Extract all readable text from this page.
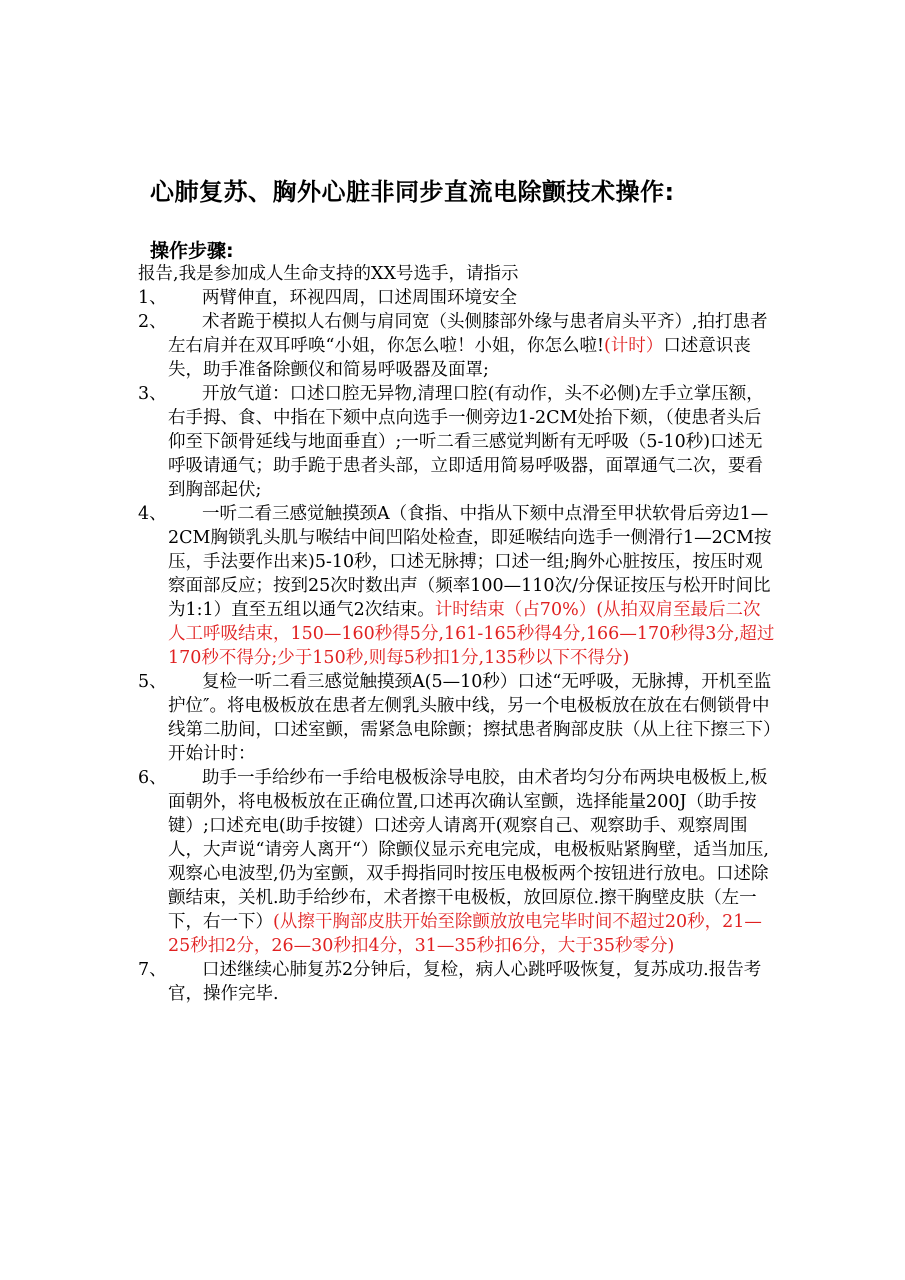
心肺复苏、胸外心脏非同步直流电除颤技术操作:

操作步骤:

报告,我是参加成人生命支持的XX号选手，请指示

1、	两臂伸直，环视四周，口述周围环境安全

2、	术者跪于模拟人右侧与肩同宽（头侧膝部外缘与患者肩头平齐）,拍打患者左右肩并在双耳呼唤“小姐，你怎么啦！小姐，你怎么啦!(计时）口述意识丧失，助手准备除颤仪和简易呼吸器及面罩;

3、	开放气道：口述口腔无异物,清理口腔(有动作，头不必侧)左手立掌压额，右手拇、食、中指在下颏中点向选手一侧旁边1-2CM处抬下颏，（使患者头后仰至下颌骨延线与地面垂直）;一听二看三感觉判断有无呼吸（5-10秒)口述无呼吸请通气；助手跪于患者头部，立即适用简易呼吸器，面罩通气二次，要看到胸部起伏;

4、	一听二看三感觉触摸颈A（食指、中指从下颏中点滑至甲状软骨后旁边1—2CM胸锁乳头肌与喉结中间凹陷处检查，即延喉结向选手一侧滑行1—2CM按压，手法要作出来)5-10秒，口述无脉搏；口述一组;胸外心脏按压，按压时观察面部反应；按到25次时数出声（频率100—110次/分保证按压与松开时间比为1:1）直至五组以通气2次结束。计时结束（占70%）(从拍双肩至最后二次人工呼吸结束，150—160秒得5分,161-165秒得4分,166—170秒得3分,超过170秒不得分;少于150秒,则每5秒扣1分,135秒以下不得分)

5、	复检一听二看三感觉触摸颈A(5—10秒）口述“无呼吸，无脉搏，开机至监护位″。将电极板放在患者左侧乳头腋中线，另一个电极板放在放在右侧锁骨中线第二肋间，口述室颤，需紧急电除颤；擦拭患者胸部皮肤（从上往下擦三下）开始计时：

6、	助手一手给纱布一手给电极板涂导电胶，由术者均匀分布两块电极板上,板面朝外，将电极板放在正确位置,口述再次确认室颤，选择能量200J（助手按键）;口述充电(助手按键）口述旁人请离开(观察自己、观察助手、观察周围人，大声说“请旁人离开“）除颤仪显示充电完成，电极板贴紧胸壁，适当加压,观察心电波型,仍为室颤，双手拇指同时按压电极板两个按钮进行放电。口述除颤结束，关机.助手给纱布，术者擦干电极板，放回原位.擦干胸壁皮肤（左一下，右一下）(从擦干胸部皮肤开始至除颤放放电完毕时间不超过20秒，21—25秒扣2分，26—30秒扣4分，31—35秒扣6分，大于35秒零分)

7、	口述继续心肺复苏2分钟后，复检，病人心跳呼吸恢复，复苏成功.报告考官，操作完毕.
